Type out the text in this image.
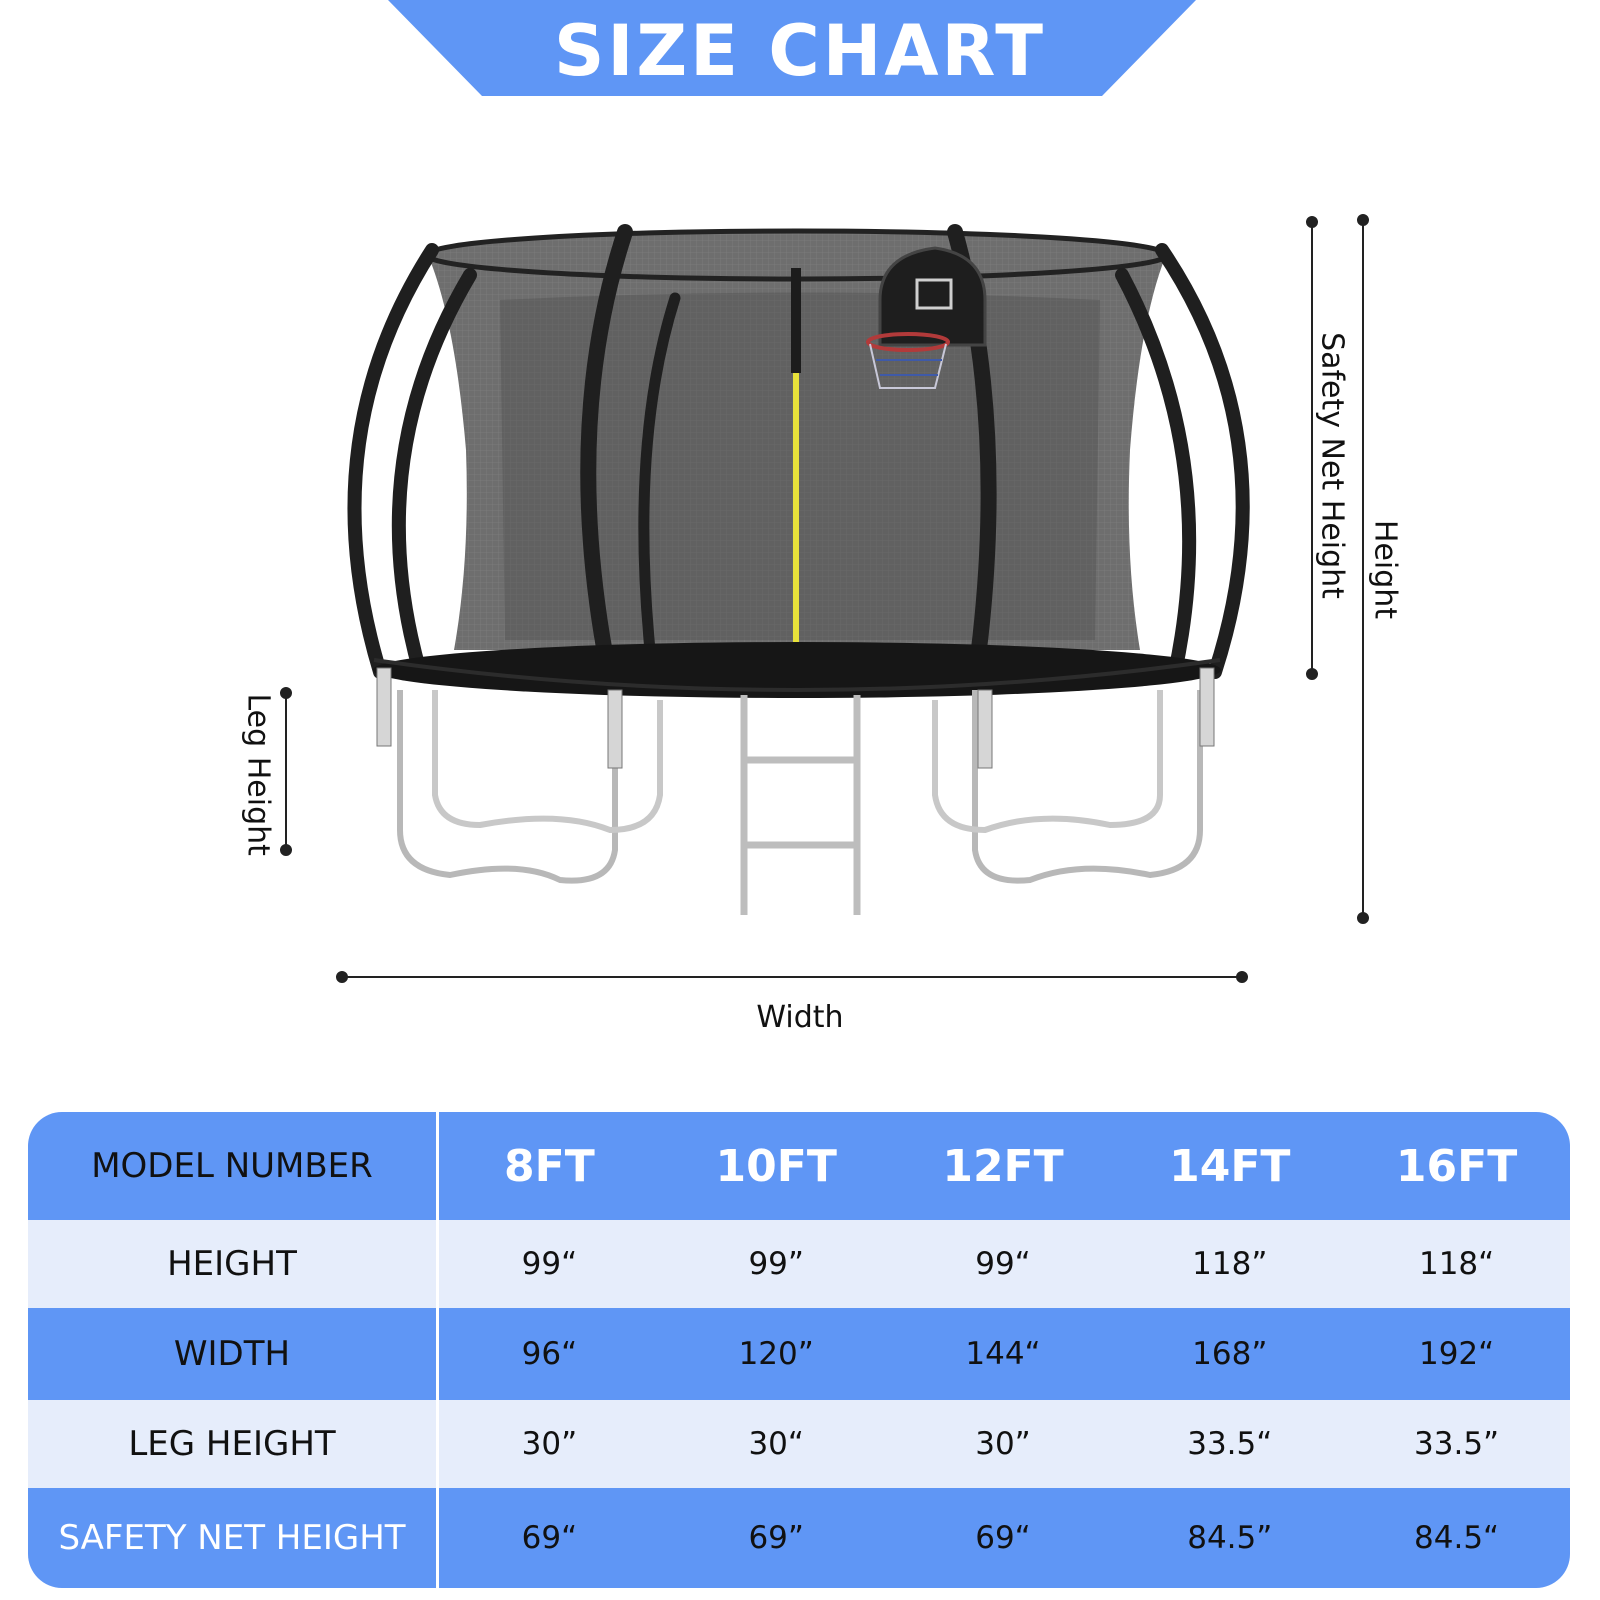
SIZE CHART
Safety Net Height Height
Leg Height
Width
MODEL NUMBER	8FT	10FT	12FT	14FT	16FT
HEIGHT	99“	99”	99“	118”	118“
WIDTH	96“	120”	144“	168”	192“
LEG HEIGHT	30”	30“	30”	33.5“	33.5”
SAFETY NET HEIGHT	69“	69”	69“	84.5”	84.5“
